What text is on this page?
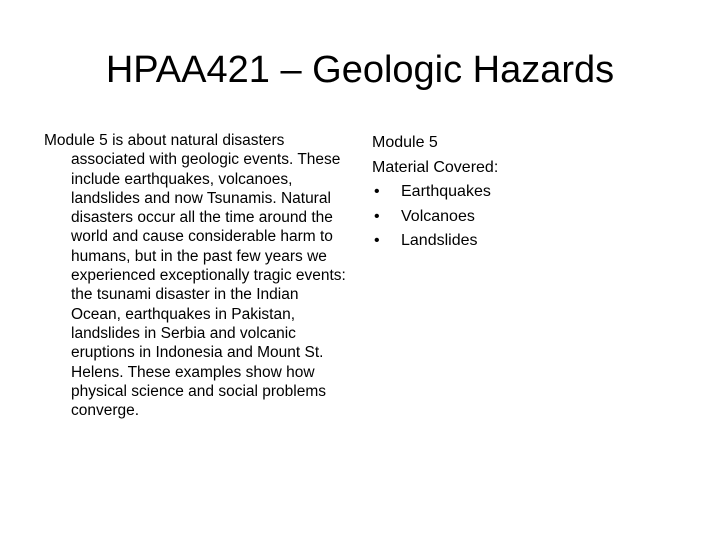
HPAA421 – Geologic Hazards

Module 5 is about natural disasters associated with geologic events. These include earthquakes, volcanoes, landslides and now Tsunamis. Natural disasters occur all the time around the world and cause considerable harm to humans, but in the past few years we experienced exceptionally tragic events: the tsunami disaster in the Indian Ocean, earthquakes in Pakistan, landslides in Serbia and volcanic eruptions in Indonesia and Mount St. Helens. These examples show how physical science and social problems converge.

Module 5
Material Covered:
• Earthquakes
• Volcanoes
• Landslides
